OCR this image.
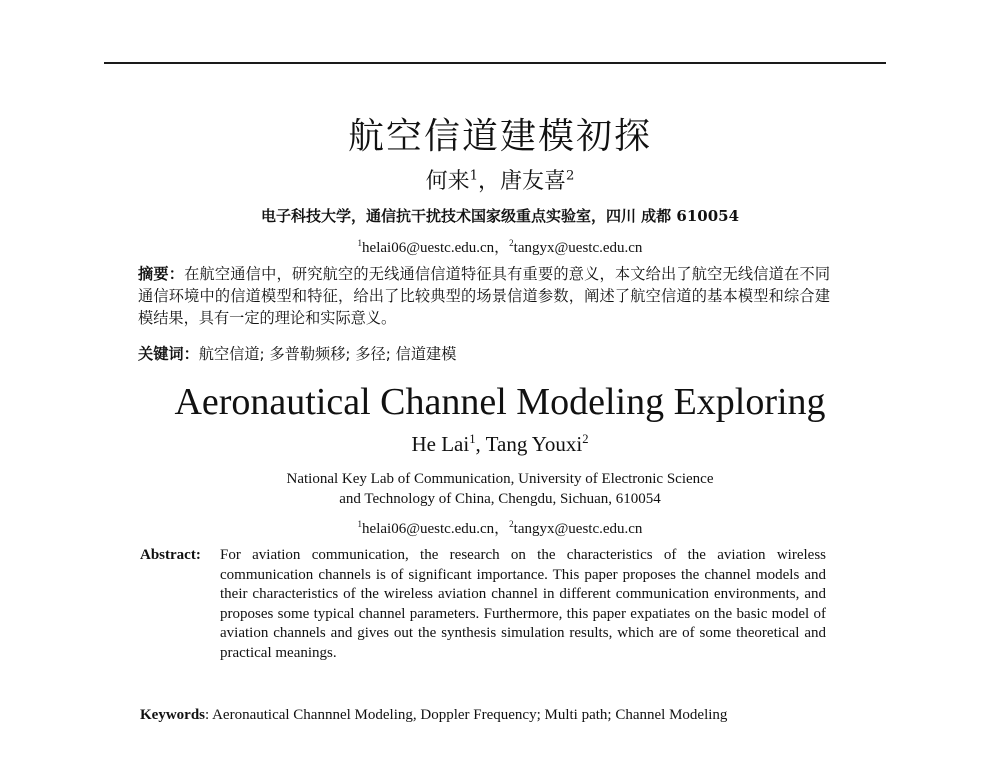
航空信道建模初探
何来$^1$，唐友喜$^2$
电子科技大学，通信抗干扰技术国家级重点实验室，四川 成都 610054
$^1$helai06@uestc.edu.cn，$^2$tangyx@uestc.edu.cn
摘要：在航空通信中，研究航空的无线通信信道特征具有重要的意义，本文给出了航空无线信道在不同通信环境中的信道模型和特征，给出了比较典型的场景信道参数，阐述了航空信道的基本模型和综合建模结果，具有一定的理论和实际意义。
关键词：航空信道; 多普勒频移; 多径; 信道建模
Aeronautical Channel Modeling Exploring
He Lai$^1$, Tang Youxi$^2$
National Key Lab of Communication, University of Electronic Science
and Technology of China, Chengdu, Sichuan, 610054
$^1$helai06@uestc.edu.cn，$^2$tangyx@uestc.edu.cn
Abstract: For aviation communication, the research on the characteristics of the aviation wireless communication channels is of significant importance. This paper proposes the channel models and their characteristics of the wireless aviation channel in different communication environments, and proposes some typical channel parameters. Furthermore, this paper expatiates on the basic model of aviation channels and gives out the synthesis simulation results, which are of some theoretical and practical meanings.
Keywords: Aeronautical Channnel Modeling, Doppler Frequency; Multi path; Channel Modeling
